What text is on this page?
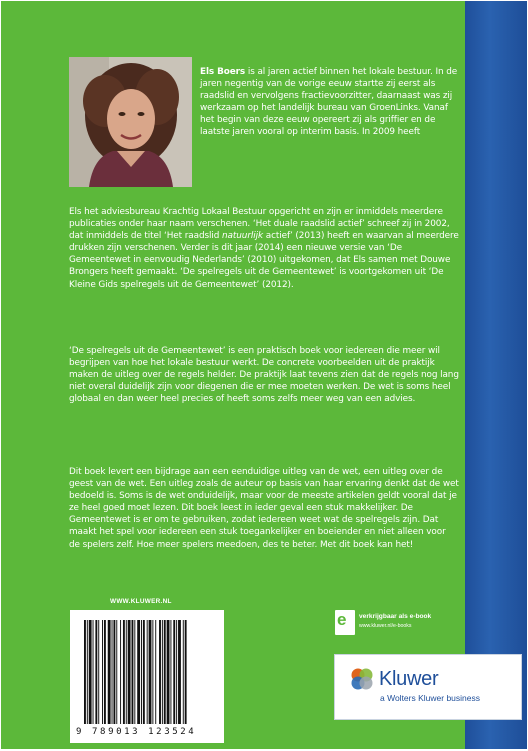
Els Boers is al jaren actief binnen het lokale bestuur. In de jaren negentig van de vorige eeuw startte zij eerst als raadslid en vervolgens fractievoorzitter, daarnaast was zij werkzaam op het landelijk bureau van GroenLinks. Vanaf het begin van deze eeuw opereert zij als griffier en de laatste jaren vooral op interim basis. In 2009 heeft
Els het adviesbureau Krachtig Lokaal Bestuur opgericht en zijn er inmiddels meerdere publicaties onder haar naam verschenen. ‘Het duale raadslid actief’ schreef zij in 2002, dat inmiddels de titel ‘Het raadslid natuurlijk actief’ (2013) heeft en waarvan al meerdere drukken zijn verschenen. Verder is dit jaar (2014) een nieuwe versie van ‘De Gemeentewet in eenvoudig Nederlands’ (2010) uitgekomen, dat Els samen met Douwe Brongers heeft gemaakt. ‘De spelregels uit de Gemeentewet’ is voortgekomen uit ‘De Kleine Gids spelregels uit de Gemeentewet’ (2012).

‘De spelregels uit de Gemeentewet’ is een praktisch boek voor iedereen die meer wil begrijpen van hoe het lokale bestuur werkt. De concrete voorbeelden uit de praktijk maken de uitleg over de regels helder. De praktijk laat tevens zien dat de regels nog lang niet overal duidelijk zijn voor diegenen die er mee moeten werken. De wet is soms heel globaal en dan weer heel precies of heeft soms zelfs meer weg van een advies.

Dit boek levert een bijdrage aan een eenduidige uitleg van de wet, een uitleg over de geest van de wet. Een uitleg zoals de auteur op basis van haar ervaring denkt dat de wet bedoeld is. Soms is de wet onduidelijk, maar voor de meeste artikelen geldt vooral dat je ze heel goed moet lezen. Dit boek leest in ieder geval een stuk makkelijker. De Gemeentewet is er om te gebruiken, zodat iedereen weet wat de spelregels zijn. Dat maakt het spel voor iedereen een stuk toegankelijker en boeiender en niet alleen voor de spelers zelf. Hoe meer spelers meedoen, des te beter. Met dit boek kan het!

WWW.KLUWER.NL
9 789013 123524
e verkrijgbaar als e-book
www.kluwer.nl/e-books
Kluwer
a Wolters Kluwer business
